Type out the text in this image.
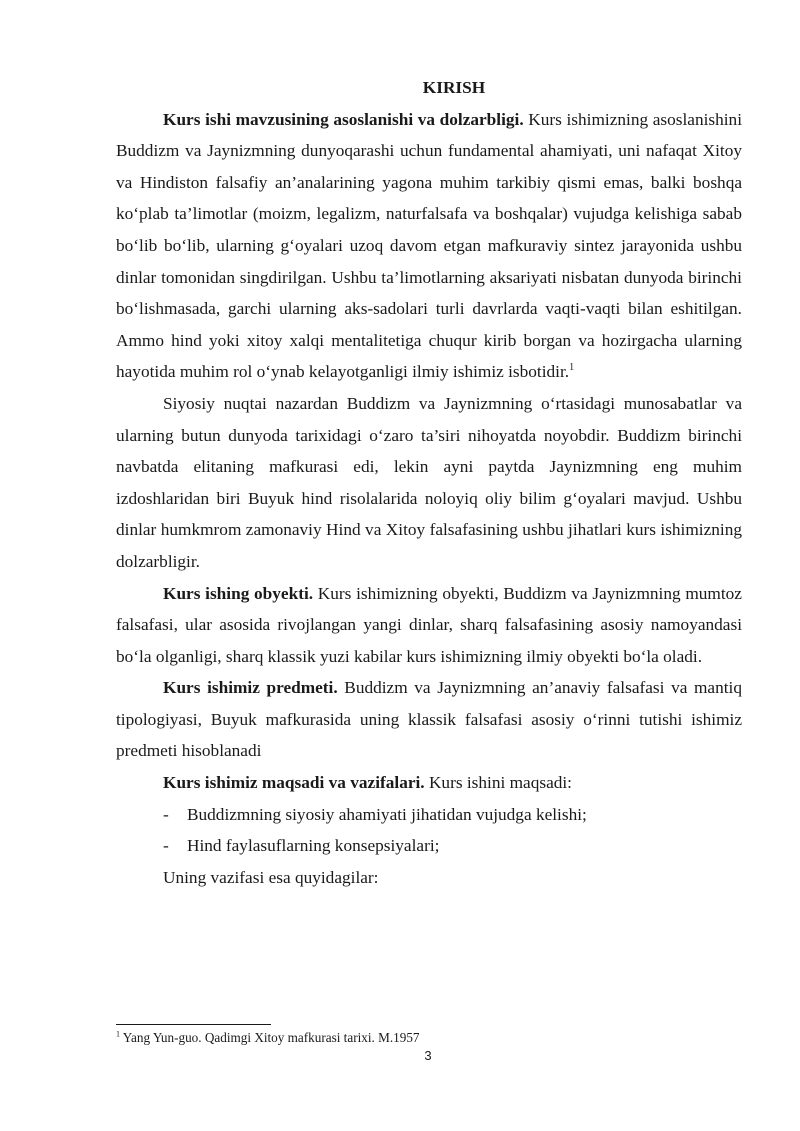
KIRISH

Kurs ishi mavzusining asoslanishi va dolzarbligi. Kurs ishimizning asoslanishini Buddizm va Jaynizmning dunyoqarashi uchun fundamental ahamiyati, uni nafaqat Xitoy va Hindiston falsafiy an’analarining yagona muhim tarkibiy qismi emas, balki boshqa ko‘plab ta’limotlar (moizm, legalizm, naturfalsafa va boshqalar) vujudga kelishiga sabab bo‘lib bo‘lib, ularning g‘oyalari uzoq davom etgan mafkuraviy sintez jarayonida ushbu dinlar tomonidan singdirilgan. Ushbu ta’limotlarning aksariyati nisbatan dunyoda birinchi bo‘lishmasada, garchi ularning aks-sadolari turli davrlarda vaqti-vaqti bilan eshitilgan. Ammo hind yoki xitoy xalqi mentalitetiga chuqur kirib borgan va hozirgacha ularning hayotida muhim rol o‘ynab kelayotganligi ilmiy ishimiz isbotidir.$^1$

Siyosiy nuqtai nazardan Buddizm va Jaynizmning o‘rtasidagi munosabatlar va ularning butun dunyoda tarixidagi o‘zaro ta’siri nihoyatda noyobdir. Buddizm birinchi navbatda elitaning mafkurasi edi, lekin ayni paytda Jaynizmning eng muhim izdoshlaridan biri Buyuk hind risolalarida noloyiq oliy bilim g‘oyalari mavjud. Ushbu dinlar humkmrom zamonaviy Hind va Xitoy falsafasining ushbu jihatlari kurs ishimizning dolzarbligir.

Kurs ishing obyekti. Kurs ishimizning obyekti, Buddizm va Jaynizmning mumtoz falsafasi, ular asosida rivojlangan yangi dinlar, sharq falsafasining asosiy namoyandasi bo‘la olganligi, sharq klassik yuzi kabilar kurs ishimizning ilmiy obyekti bo‘la oladi.

Kurs ishimiz predmeti. Buddizm va Jaynizmning an’anaviy falsafasi va mantiq tipologiyasi, Buyuk mafkurasida uning klassik falsafasi asosiy o‘rinni tutishi ishimiz predmeti hisoblanadi

Kurs ishimiz maqsadi va vazifalari. Kurs ishini maqsadi:

-	Buddizmning siyosiy ahamiyati jihatidan vujudga kelishi;
-	Hind faylasuflarning konsepsiyalari;

Uning vazifasi esa quyidagilar:

$^1$ Yang Yun-guo. Qadimgi Xitoy mafkurasi tarixi. M.1957
3
